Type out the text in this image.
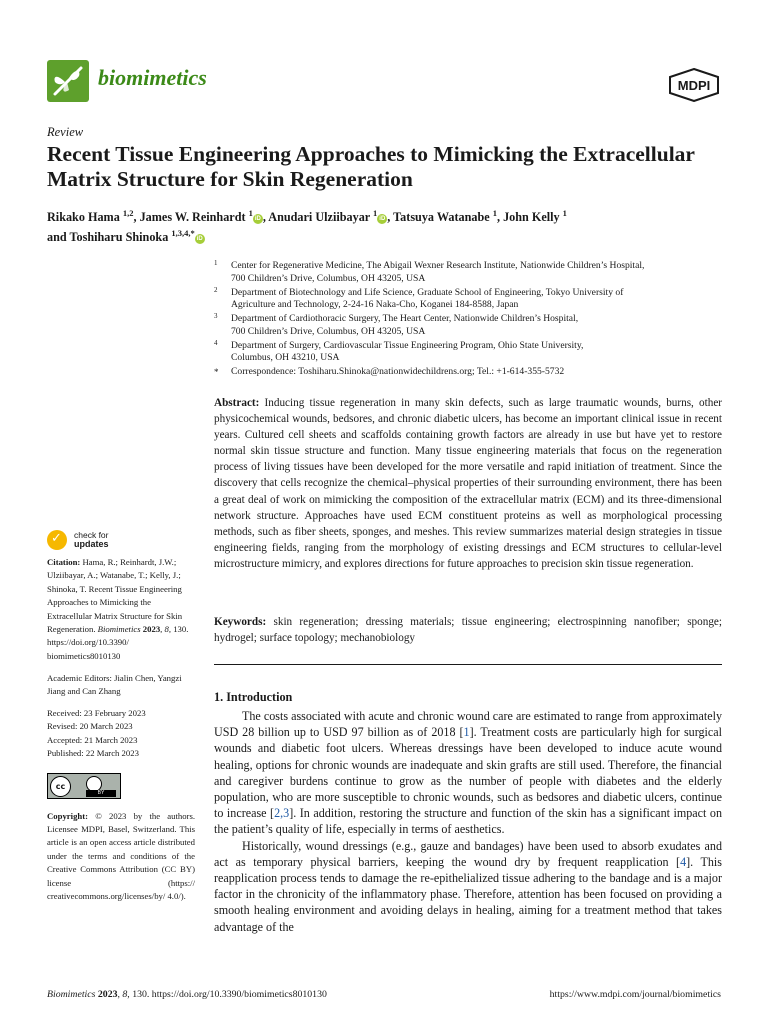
biomimetics	MDPI
Review
Recent Tissue Engineering Approaches to Mimicking the Extracellular Matrix Structure for Skin Regeneration
Rikako Hama $^{1,2}$, James W. Reinhardt $^1$iD , Anudari Ulziibayar $^1$iD , Tatsuya Watanabe $^1$, John Kelly $^1$
and Toshiharu Shinoka $^{1,3,4,*}$iD
1 Center for Regenerative Medicine, The Abigail Wexner Research Institute, Nationwide Children’s Hospital,
700 Children’s Drive, Columbus, OH 43205, USA
2 Department of Biotechnology and Life Science, Graduate School of Engineering, Tokyo University of
Agriculture and Technology, 2-24-16 Naka-Cho, Koganei 184-8588, Japan
3 Department of Cardiothoracic Surgery, The Heart Center, Nationwide Children’s Hospital,
700 Children’s Drive, Columbus, OH 43205, USA
4 Department of Surgery, Cardiovascular Tissue Engineering Program, Ohio State University,
Columbus, OH 43210, USA
* Correspondence: Toshiharu.Shinoka@nationwidechildrens.org; Tel.: +1-614-355-5732
Abstract: Inducing tissue regeneration in many skin defects, such as large traumatic wounds, burns, other physicochemical wounds, bedsores, and chronic diabetic ulcers, has become an important clinical issue in recent years. Cultured cell sheets and scaffolds containing growth factors are already in use but have yet to restore normal skin tissue structure and function. Many tissue engineering materials that focus on the regeneration process of living tissues have been developed for the more versatile and rapid initiation of treatment. Since the discovery that cells recognize the chemical–physical properties of their surrounding environment, there has been a great deal of work on mimicking the composition of the extracellular matrix (ECM) and its three-dimensional network structure. Approaches have used ECM constituent proteins as well as morphological processing methods, such as fiber sheets, sponges, and meshes. This review summarizes material design strategies in tissue engineering fields, ranging from the morphology of existing dressings and ECM structures to cellular-level microstructure mimicry, and explores directions for future approaches to precision skin tissue regeneration.
Keywords: skin regeneration; dressing materials; tissue engineering; electrospinning nanofiber; sponge; hydrogel; surface topology; mechanobiology
✓ check for
updates

Citation: Hama, R.; Reinhardt, J.W.; Ulziibayar, A.; Watanabe, T.; Kelly, J.; Shinoka, T. Recent Tissue Engineering Approaches to Mimicking the Extracellular Matrix Structure for Skin Regeneration. Biomimetics 2023, 8, 130.
https://doi.org/10.3390/
biomimetics8010130

Academic Editors: Jialin Chen, Yangzi Jiang and Can Zhang

Received: 23 February 2023
Revised: 20 March 2023
Accepted: 21 March 2023
Published: 22 March 2023

cc
BY

Copyright: © 2023 by the authors. Licensee MDPI, Basel, Switzerland. This article is an open access article distributed under the terms and conditions of the Creative Commons Attribution (CC BY) license (https:// creativecommons.org/licenses/by/ 4.0/).

1. Introduction

The costs associated with acute and chronic wound care are estimated to range from approximately USD 28 billion up to USD 97 billion as of 2018 [1]. Treatment costs are particularly high for surgical wounds and diabetic foot ulcers. Whereas dressings have been developed to induce acute wound healing, options for chronic wounds are inadequate and skin grafts are still used. Therefore, the financial and caregiver burdens continue to grow as the number of people with diabetes and the elderly population, who are more susceptible to chronic wounds, such as bedsores and diabetic ulcers, continue to increase [2,3]. In addition, restoring the structure and function of the skin has a significant impact on the patient’s quality of life, especially in terms of aesthetics.

Historically, wound dressings (e.g., gauze and bandages) have been used to absorb exudates and act as temporary physical barriers, keeping the wound dry by frequent reapplication [4]. This reapplication process tends to damage the re-epithelialized tissue adhering to the bandage and is a major factor in the chronicity of the inflammatory phase. Therefore, attention has been focused on providing a smooth healing environment and avoiding delays in healing, aiming for a treatment method that takes advantage of the

Biomimetics 2023, 8, 130. https://doi.org/10.3390/biomimetics8010130	https://www.mdpi.com/journal/biomimetics
